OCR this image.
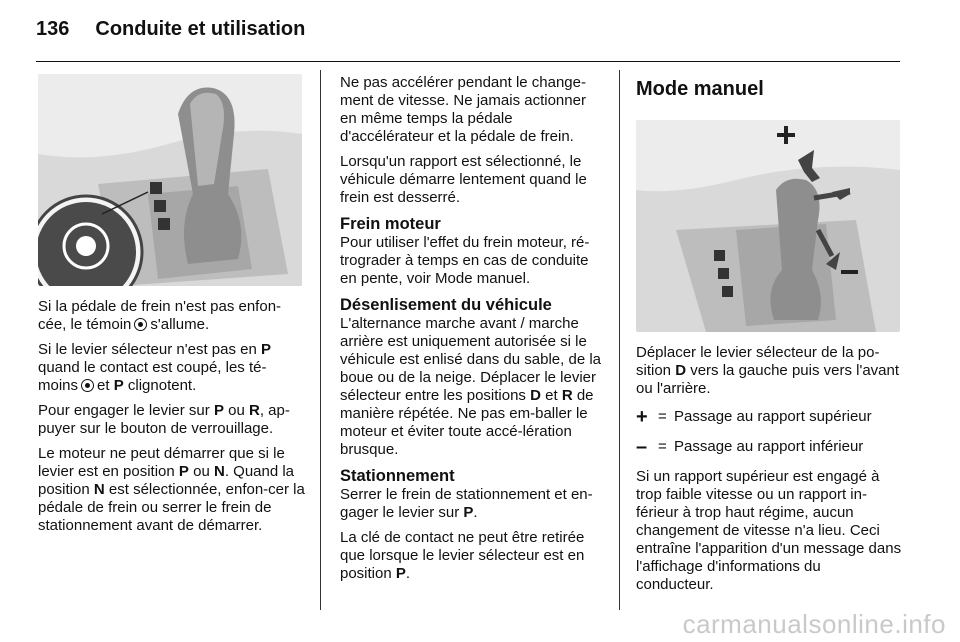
136 Conduite et utilisation

Si la pédale de frein n'est pas enfon-cée, le témoin s'allume.

Si le levier sélecteur n'est pas en P quand le contact est coupé, les té-moins et P clignotent.

Pour engager le levier sur P ou R, ap-puyer sur le bouton de verrouillage.

Le moteur ne peut démarrer que si le levier est en position P ou N. Quand la position N est sélectionnée, enfon-cer la pédale de frein ou serrer le frein de stationnement avant de démarrer.

Ne pas accélérer pendant le change-ment de vitesse. Ne jamais actionner en même temps la pédale d'accélérateur et la pédale de frein.

Lorsqu'un rapport est sélectionné, le véhicule démarre lentement quand le frein est desserré.

Frein moteur

Pour utiliser l'effet du frein moteur, ré-trograder à temps en cas de conduite en pente, voir Mode manuel.

Désenlisement du véhicule

L'alternance marche avant / marche arrière est uniquement autorisée si le véhicule est enlisé dans du sable, de la boue ou de la neige. Déplacer le levier sélecteur entre les positions D et R de manière répétée. Ne pas em-baller le moteur et éviter toute accé-lération brusque.

Stationnement

Serrer le frein de stationnement et en-gager le levier sur P.

La clé de contact ne peut être retirée que lorsque le levier sélecteur est en position P.

Mode manuel

Déplacer le levier sélecteur de la po-sition D vers la gauche puis vers l'avant ou l'arrière.

+ = Passage au rapport supérieur
– = Passage au rapport inférieur

Si un rapport supérieur est engagé à trop faible vitesse ou un rapport in-férieur à trop haut régime, aucun changement de vitesse n'a lieu. Ceci entraîne l'apparition d'un message dans l'affichage d'informations du conducteur.

carmanualsonline.info
